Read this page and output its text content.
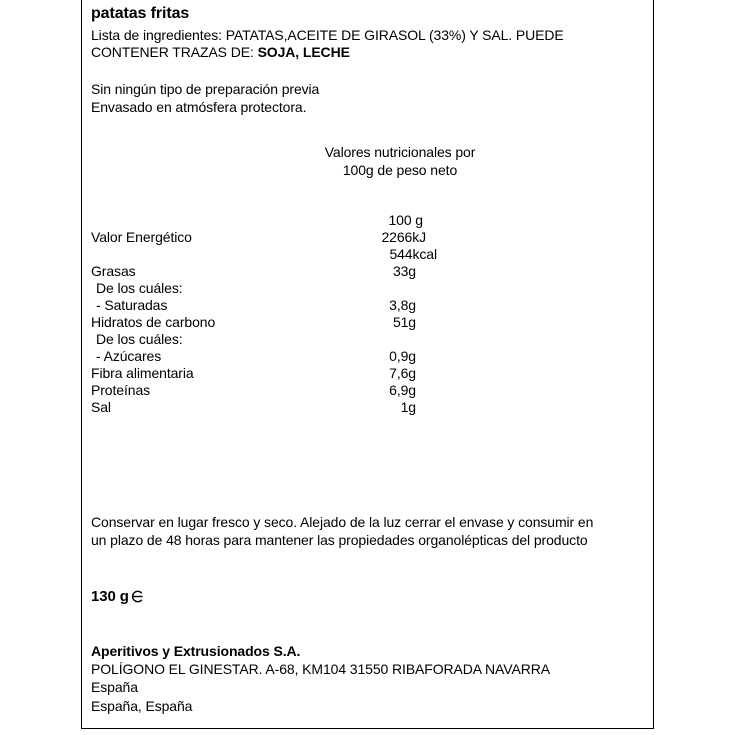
patatas fritas
Lista de ingredientes: PATATAS,ACEITE DE GIRASOL (33%) Y SAL. PUEDE
CONTENER TRAZAS DE: SOJA, LECHE
Sin ningún tipo de preparación previa
Envasado en atmósfera protectora.
Valores nutricionales por
100g de peso neto
100 g
Valor Energético	2266kJ
544kcal
Grasas	33g
De los cuáles:
- Saturadas	3,8g
Hidratos de carbono	51g
De los cuáles:
- Azúcares	0,9g
Fibra alimentaria	7,6g
Proteínas	6,9g
Sal	1g
Conservar en lugar fresco y seco. Alejado de la luz cerrar el envase y consumir en
un plazo de 48 horas para mantener las propiedades organolépticas del producto
130 g
Aperitivos y Extrusionados S.A.
POLÍGONO EL GINESTAR. A-68, KM104 31550 RIBAFORADA NAVARRA
España
España, España
